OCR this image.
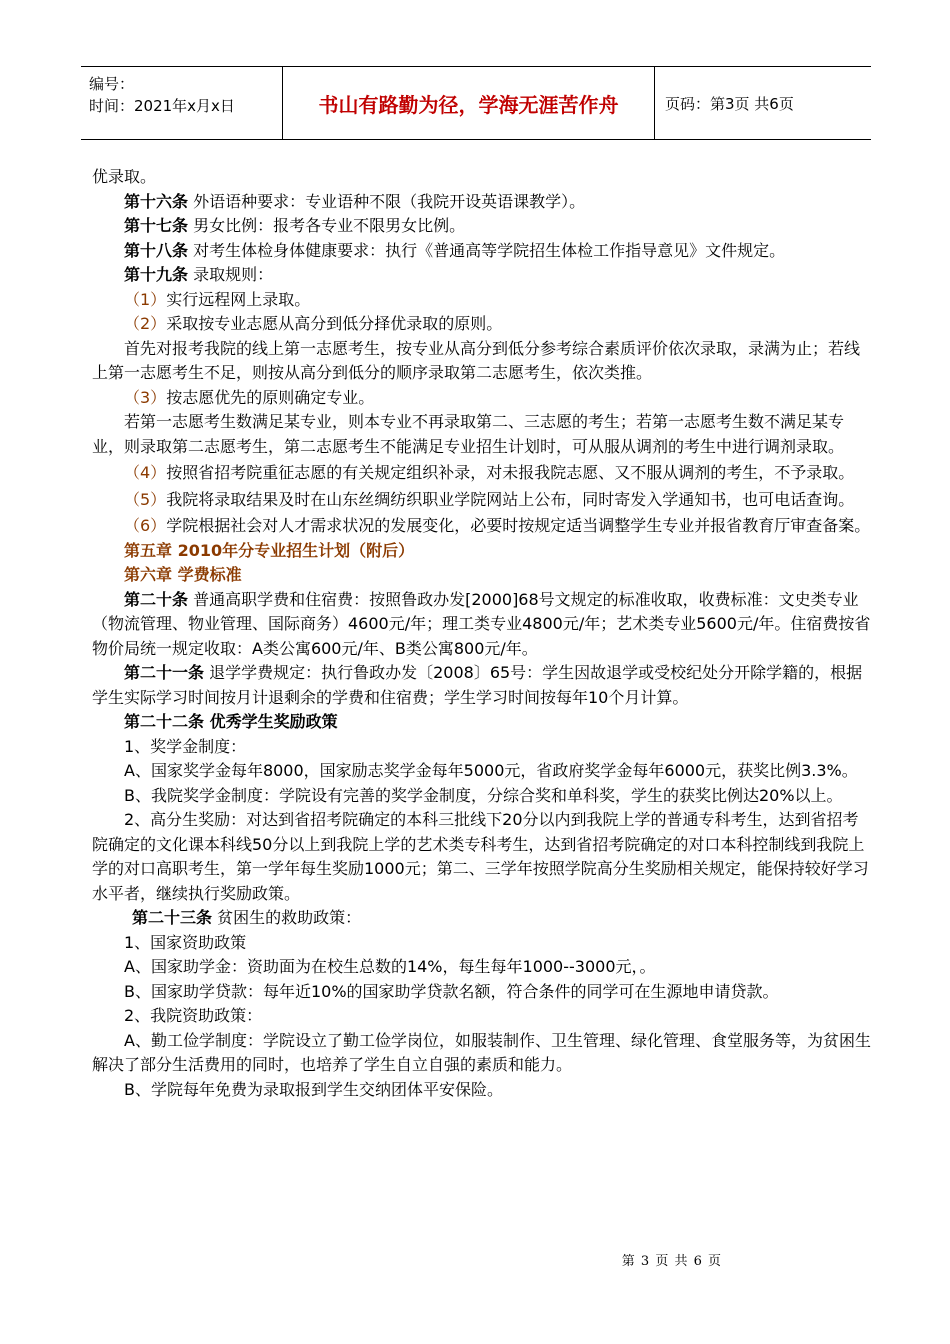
编号：
时间：2021年x月x日	书山有路勤为径，学海无涯苦作舟	页码：第3页 共6页

优录取。

第十六条 外语语种要求：专业语种不限（我院开设英语课教学）。

第十七条 男女比例：报考各专业不限男女比例。

第十八条 对考生体检身体健康要求：执行《普通高等学院招生体检工作指导意见》文件规定。

第十九条 录取规则：

（1）实行远程网上录取。

（2）采取按专业志愿从高分到低分择优录取的原则。

首先对报考我院的线上第一志愿考生，按专业从高分到低分参考综合素质评价依次录取，录满为止；若线上第一志愿考生不足，则按从高分到低分的顺序录取第二志愿考生，依次类推。

（3）按志愿优先的原则确定专业。

若第一志愿考生数满足某专业，则本专业不再录取第二、三志愿的考生；若第一志愿考生数不满足某专业，则录取第二志愿考生，第二志愿考生不能满足专业招生计划时，可从服从调剂的考生中进行调剂录取。

（4）按照省招考院重征志愿的有关规定组织补录，对未报我院志愿、又不服从调剂的考生，不予录取。

（5）我院将录取结果及时在山东丝绸纺织职业学院网站上公布，同时寄发入学通知书，也可电话查询。

（6）学院根据社会对人才需求状况的发展变化，必要时按规定适当调整学生专业并报省教育厅审查备案。

第五章 2010年分专业招生计划（附后）

第六章 学费标准

第二十条 普通高职学费和住宿费：按照鲁政办发[2000]68号文规定的标准收取，收费标准：文史类专业（物流管理、物业管理、国际商务）4600元/年；理工类专业4800元/年；艺术类专业5600元/年。住宿费按省物价局统一规定收取：A类公寓600元/年、B类公寓800元/年。

第二十一条 退学学费规定：执行鲁政办发〔2008〕65号：学生因故退学或受校纪处分开除学籍的，根据学生实际学习时间按月计退剩余的学费和住宿费；学生学习时间按每年10个月计算。

第二十二条 优秀学生奖励政策

1、奖学金制度：

A、国家奖学金每年8000，国家励志奖学金每年5000元，省政府奖学金每年6000元，获奖比例3.3%。

B、我院奖学金制度：学院设有完善的奖学金制度，分综合奖和单科奖，学生的获奖比例达20%以上。

2、高分生奖励：对达到省招考院确定的本科三批线下20分以内到我院上学的普通专科考生，达到省招考院确定的文化课本科线50分以上到我院上学的艺术类专科考生，达到省招考院确定的对口本科控制线到我院上学的对口高职考生，第一学年每生奖励1000元；第二、三学年按照学院高分生奖励相关规定，能保持较好学习水平者，继续执行奖励政策。

第二十三条 贫困生的救助政策：

1、国家资助政策

A、国家助学金：资助面为在校生总数的14%，每生每年1000--3000元，。

B、国家助学贷款：每年近10%的国家助学贷款名额，符合条件的同学可在生源地申请贷款。

2、我院资助政策：

A、勤工俭学制度：学院设立了勤工俭学岗位，如服装制作、卫生管理、绿化管理、食堂服务等，为贫困生解决了部分生活费用的同时，也培养了学生自立自强的素质和能力。

B、学院每年免费为录取报到学生交纳团体平安保险。

第 3 页 共 6 页
